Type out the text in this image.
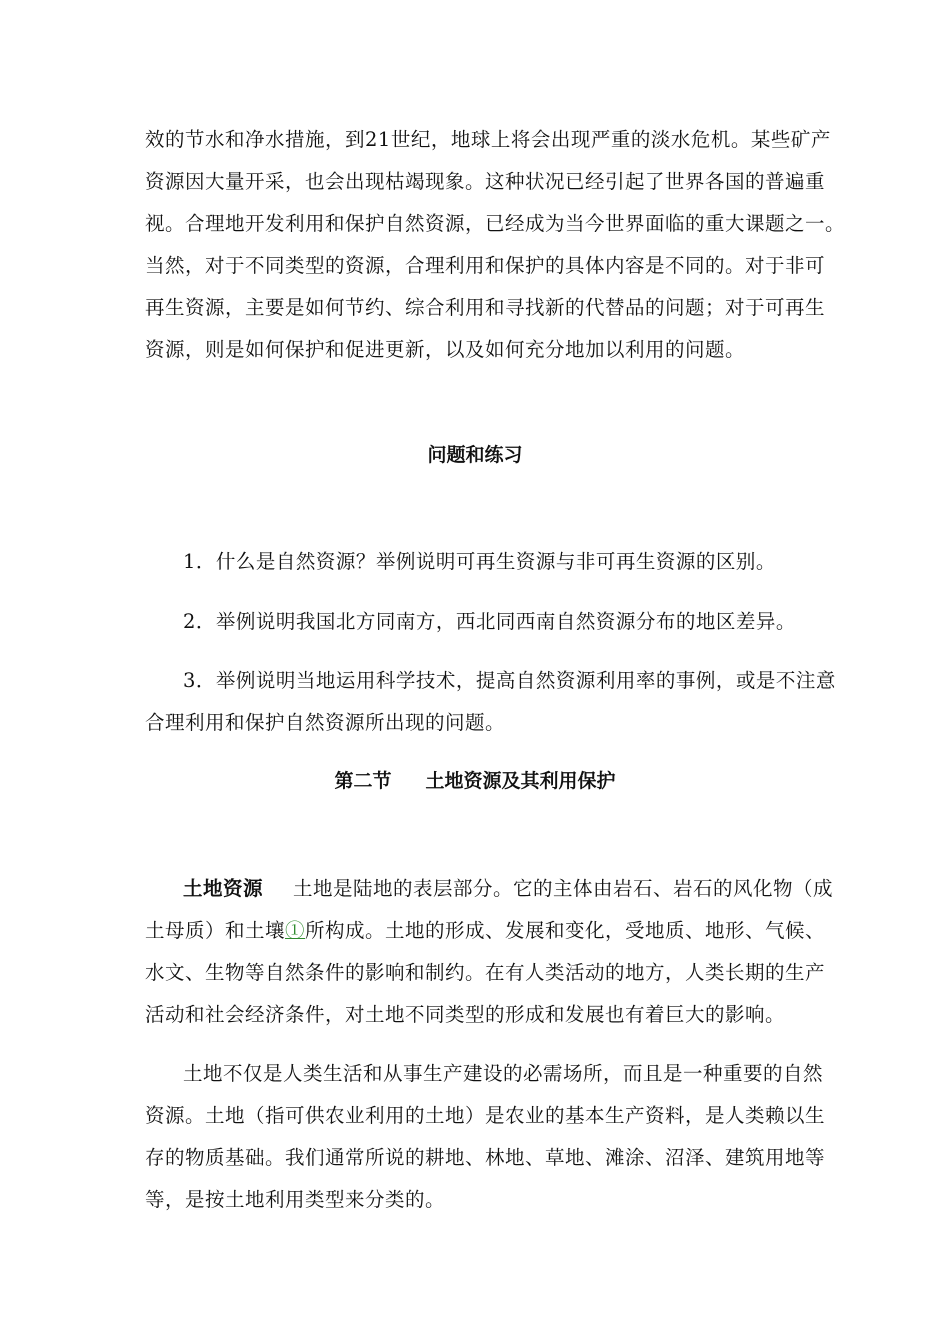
效的节水和净水措施，到21世纪，地球上将会出现严重的淡水危机。某些矿产
资源因大量开采，也会出现枯竭现象。这种状况已经引起了世界各国的普遍重
视。合理地开发利用和保护自然资源，已经成为当今世界面临的重大课题之一。
当然，对于不同类型的资源，合理利用和保护的具体内容是不同的。对于非可
再生资源，主要是如何节约、综合利用和寻找新的代替品的问题；对于可再生
资源，则是如何保护和促进更新，以及如何充分地加以利用的问题。
问题和练习
1．什么是自然资源？举例说明可再生资源与非可再生资源的区别。
2．举例说明我国北方同南方，西北同西南自然资源分布的地区差异。
3．举例说明当地运用科学技术，提高自然资源利用率的事例，或是不注意
合理利用和保护自然资源所出现的问题。
第二节 土地资源及其利用保护
土地资源 土地是陆地的表层部分。它的主体由岩石、岩石的风化物（成
土母质）和土壤①所构成。土地的形成、发展和变化，受地质、地形、气候、
水文、生物等自然条件的影响和制约。在有人类活动的地方，人类长期的生产
活动和社会经济条件，对土地不同类型的形成和发展也有着巨大的影响。
土地不仅是人类生活和从事生产建设的必需场所，而且是一种重要的自然
资源。土地（指可供农业利用的土地）是农业的基本生产资料，是人类赖以生
存的物质基础。我们通常所说的耕地、林地、草地、滩涂、沼泽、建筑用地等
等，是按土地利用类型来分类的。
